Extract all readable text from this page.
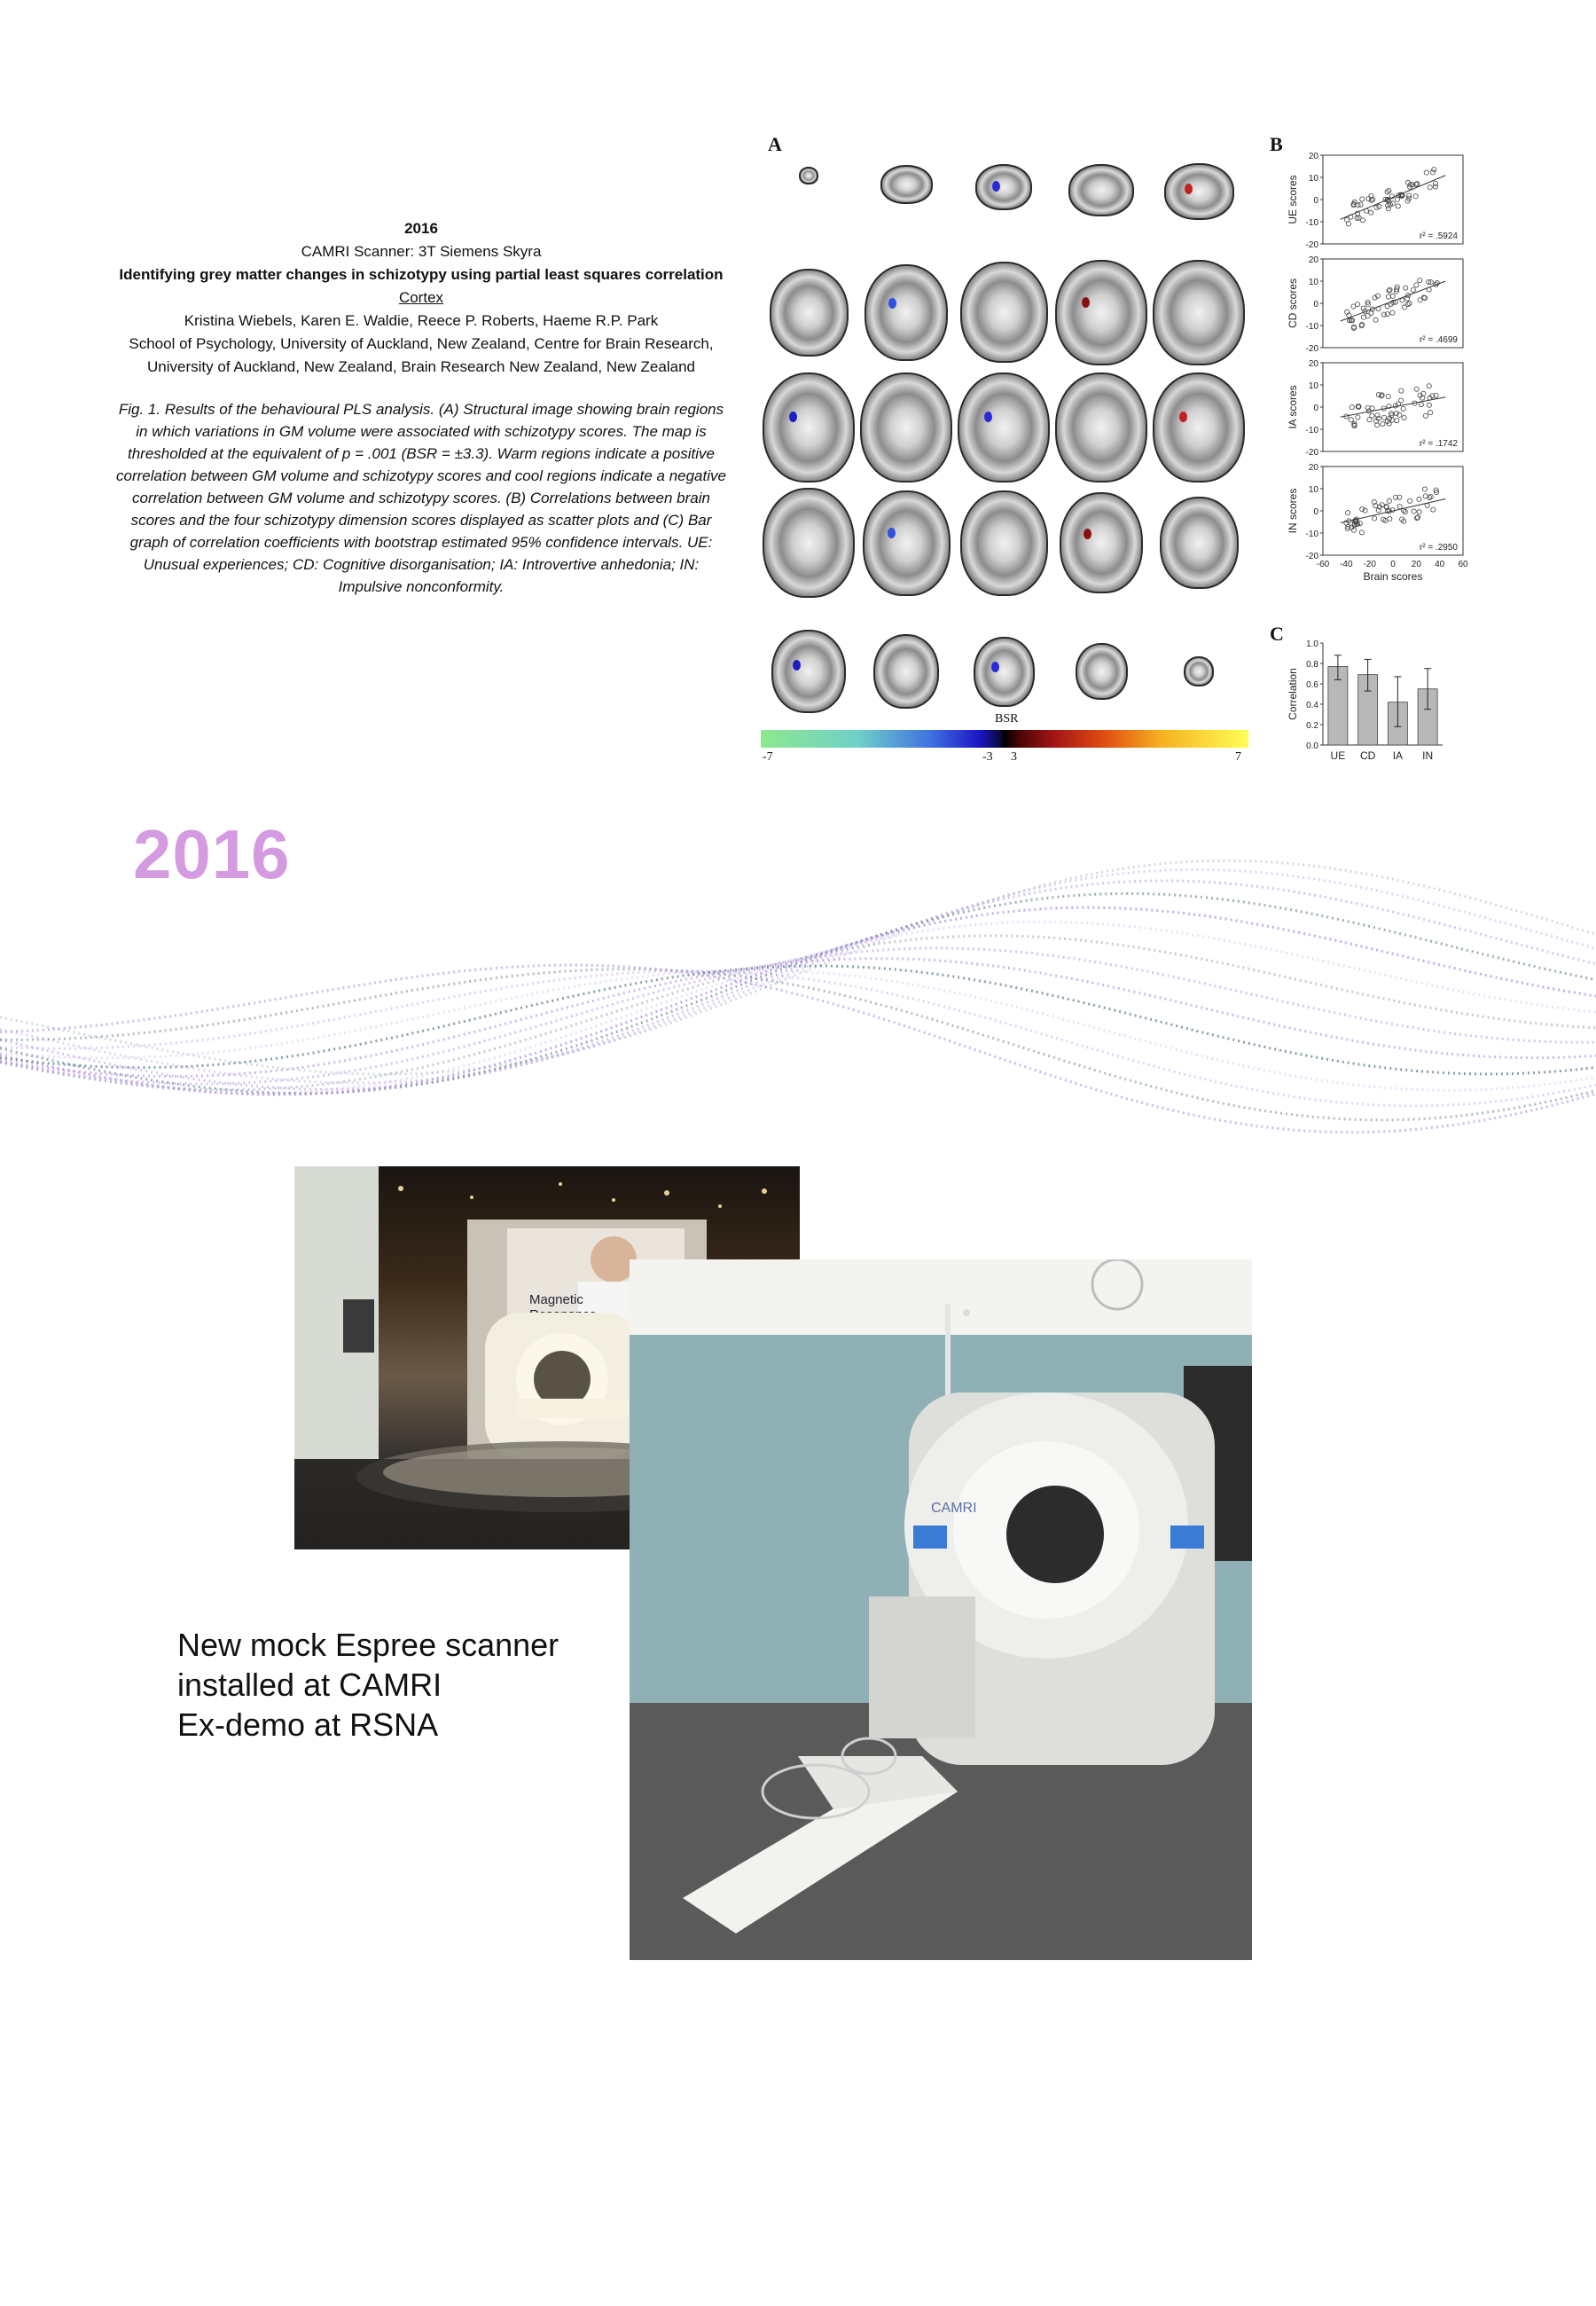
2016
CAMRI Scanner: 3T Siemens Skyra
Identifying grey matter changes in schizotypy using partial least squares correlation
Cortex
Kristina Wiebels, Karen E. Waldie, Reece P. Roberts, Haeme R.P. Park
School of Psychology, University of Auckland, New Zealand, Centre for Brain Research, University of Auckland, New Zealand, Brain Research New Zealand, New Zealand
Fig. 1. Results of the behavioural PLS analysis. (A) Structural image showing brain regions in which variations in GM volume were associated with schizotypy scores. The map is thresholded at the equivalent of p = .001 (BSR = ±3.3). Warm regions indicate a positive correlation between GM volume and schizotypy scores and cool regions indicate a negative correlation between GM volume and schizotypy scores. (B) Correlations between brain scores and the four schizotypy dimension scores displayed as scatter plots and (C) Bar graph of correlation coefficients with bootstrap estimated 95% confidence intervals. UE: Unusual experiences; CD: Cognitive disorganisation; IA: Introvertive anhedonia; IN: Impulsive nonconformity.
A
BSR
-7	-3 3	7
B
C
20
10
0
-10
-20
UE scores
r² = .5924
20
10
0
-10
-20
CD scores
r² = .4699
20
10
0
-10
-20
IA scores
r² = .1742
20
10
0
-10
-20
IN scores
r² = .2950
-60 -40 -20 0 20 40 60
Brain scores
1.0
0.8
0.6
0.4
0.2
0.0
Correlation
UE CD IA IN
2016
Magnetic
CAMRI
New mock Espree scanner
installed at CAMRI
Ex-demo at RSNA
